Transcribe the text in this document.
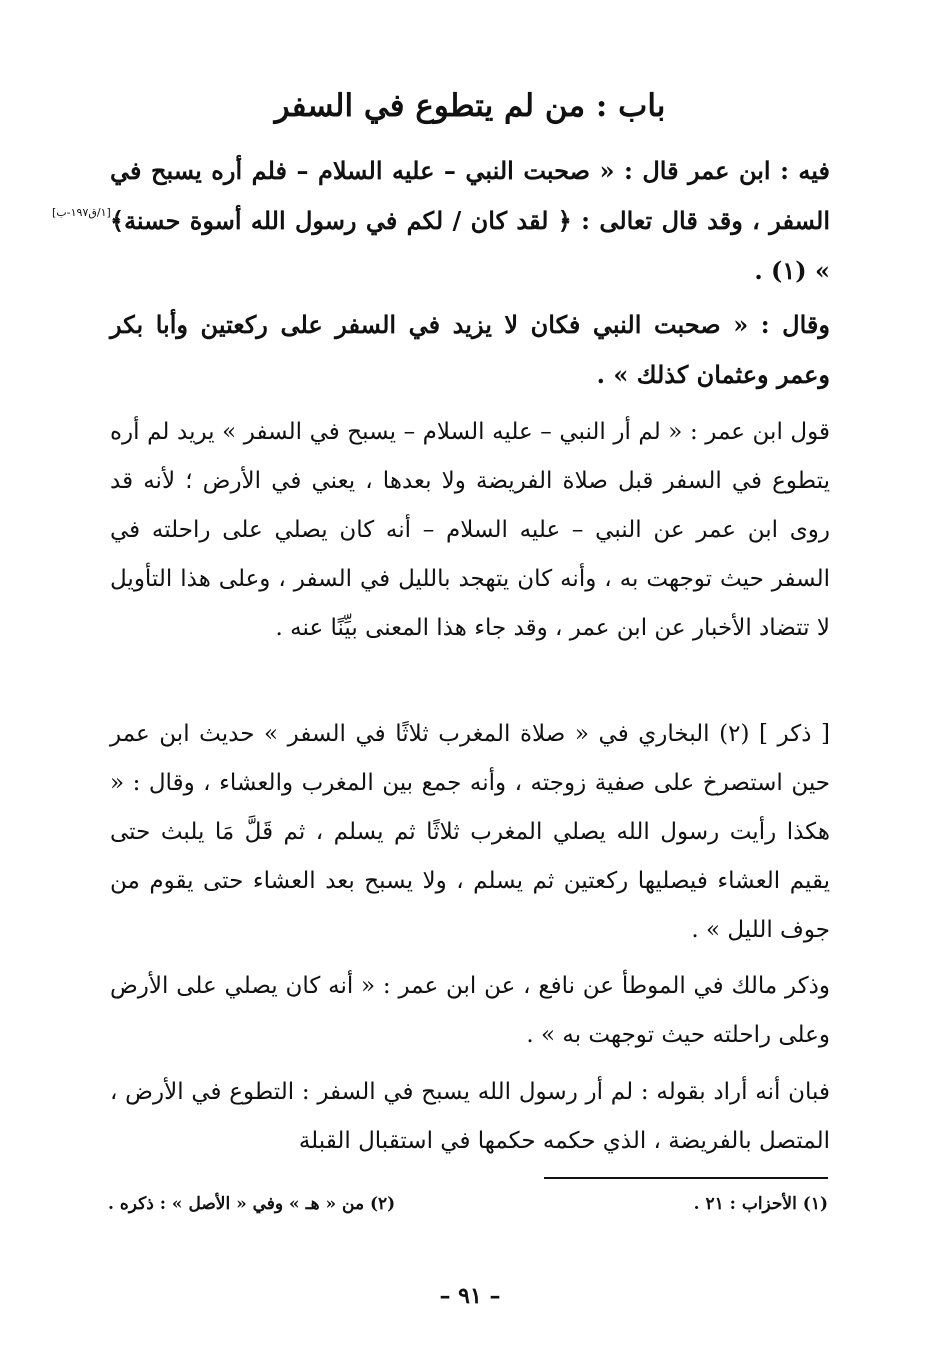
باب : من لم يتطوع في السفر
فيه : ابن عمر قال : « صحبت النبي – عليه السلام – فلم أره يسبح في السفر ، وقد قال تعالى : ﴿ لقد كان / لكم في رسول الله أسوة حسنة﴾ » (١) .
[١/ق١٩٧-ب]
وقال : « صحبت النبي فكان لا يزيد في السفر على ركعتين وأبا بكر وعمر وعثمان كذلك » .
قول ابن عمر : « لم أر النبي – عليه السلام – يسبح في السفر » يريد لم أره يتطوع في السفر قبل صلاة الفريضة ولا بعدها ، يعني في الأرض ؛ لأنه قد روى ابن عمر عن النبي – عليه السلام – أنه كان يصلي على راحلته في السفر حيث توجهت به ، وأنه كان يتهجد بالليل في السفر ، وعلى هذا التأويل لا تتضاد الأخبار عن ابن عمر ، وقد جاء هذا المعنى بيِّنًا عنه .
[ ذكر ] (٢) البخاري في « صلاة المغرب ثلاثًا في السفر » حديث ابن عمر حين استصرخ على صفية زوجته ، وأنه جمع بين المغرب والعشاء ، وقال : « هكذا رأيت رسول الله يصلي المغرب ثلاثًا ثم يسلم ، ثم قَلَّ مَا يلبث حتى يقيم العشاء فيصليها ركعتين ثم يسلم ، ولا يسبح بعد العشاء حتى يقوم من جوف الليل » .
وذكر مالك في الموطأ عن نافع ، عن ابن عمر : « أنه كان يصلي على الأرض وعلى راحلته حيث توجهت به » .
فبان أنه أراد بقوله : لم أر رسول الله يسبح في السفر : التطوع في الأرض ، المتصل بالفريضة ، الذي حكمه حكمها في استقبال القبلة
(١) الأحزاب : ٢١ .
(٢) من « هـ » وفي « الأصل » : ذكره .
– ٩١ –
